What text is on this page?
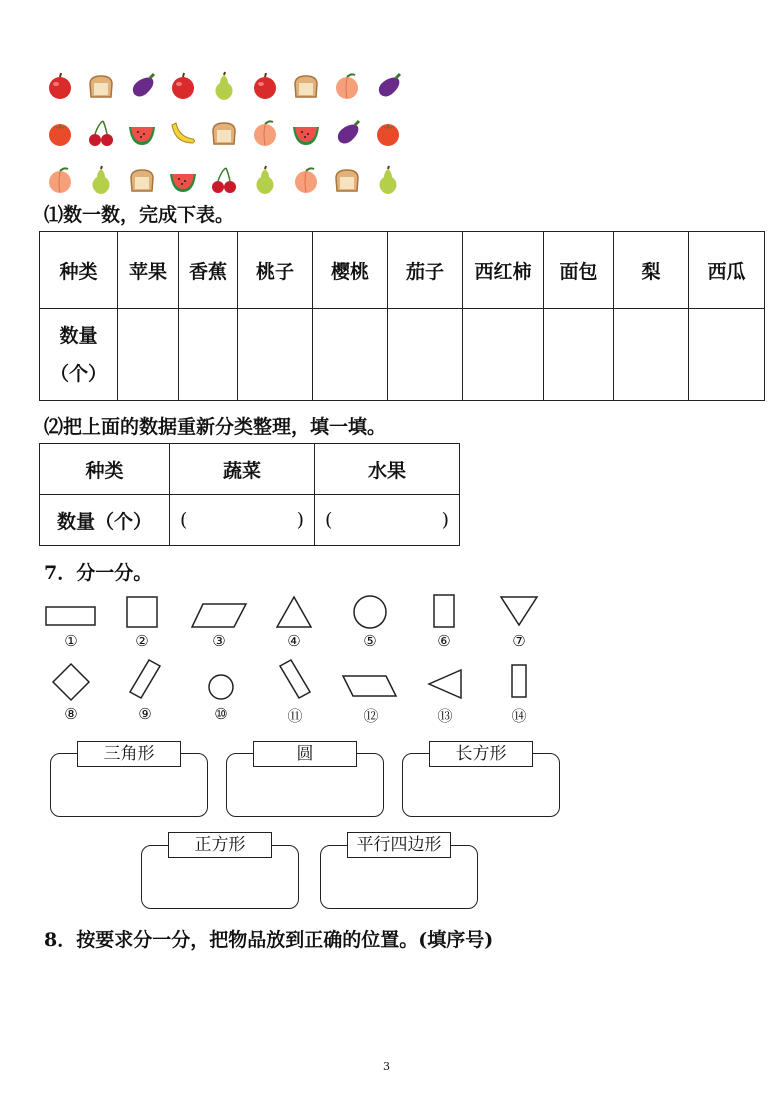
⑴数一数，完成下表。
种类	苹果	香蕉	桃子	樱桃	茄子	西红柿	面包	梨	西瓜

数量
（个）									

⑵把上面的数据重新分类整理，填一填。
种类	蔬菜	水果
数量（个）	( )	( )
7．分一分。
①	②	③	④	⑤	⑥	⑦
⑧	⑨	⑩	⑪	⑫	⑬	⑭
三角形	圆	长方形
正方形	平行四边形
8．按要求分一分，把物品放到正确的位置。(填序号)
3
